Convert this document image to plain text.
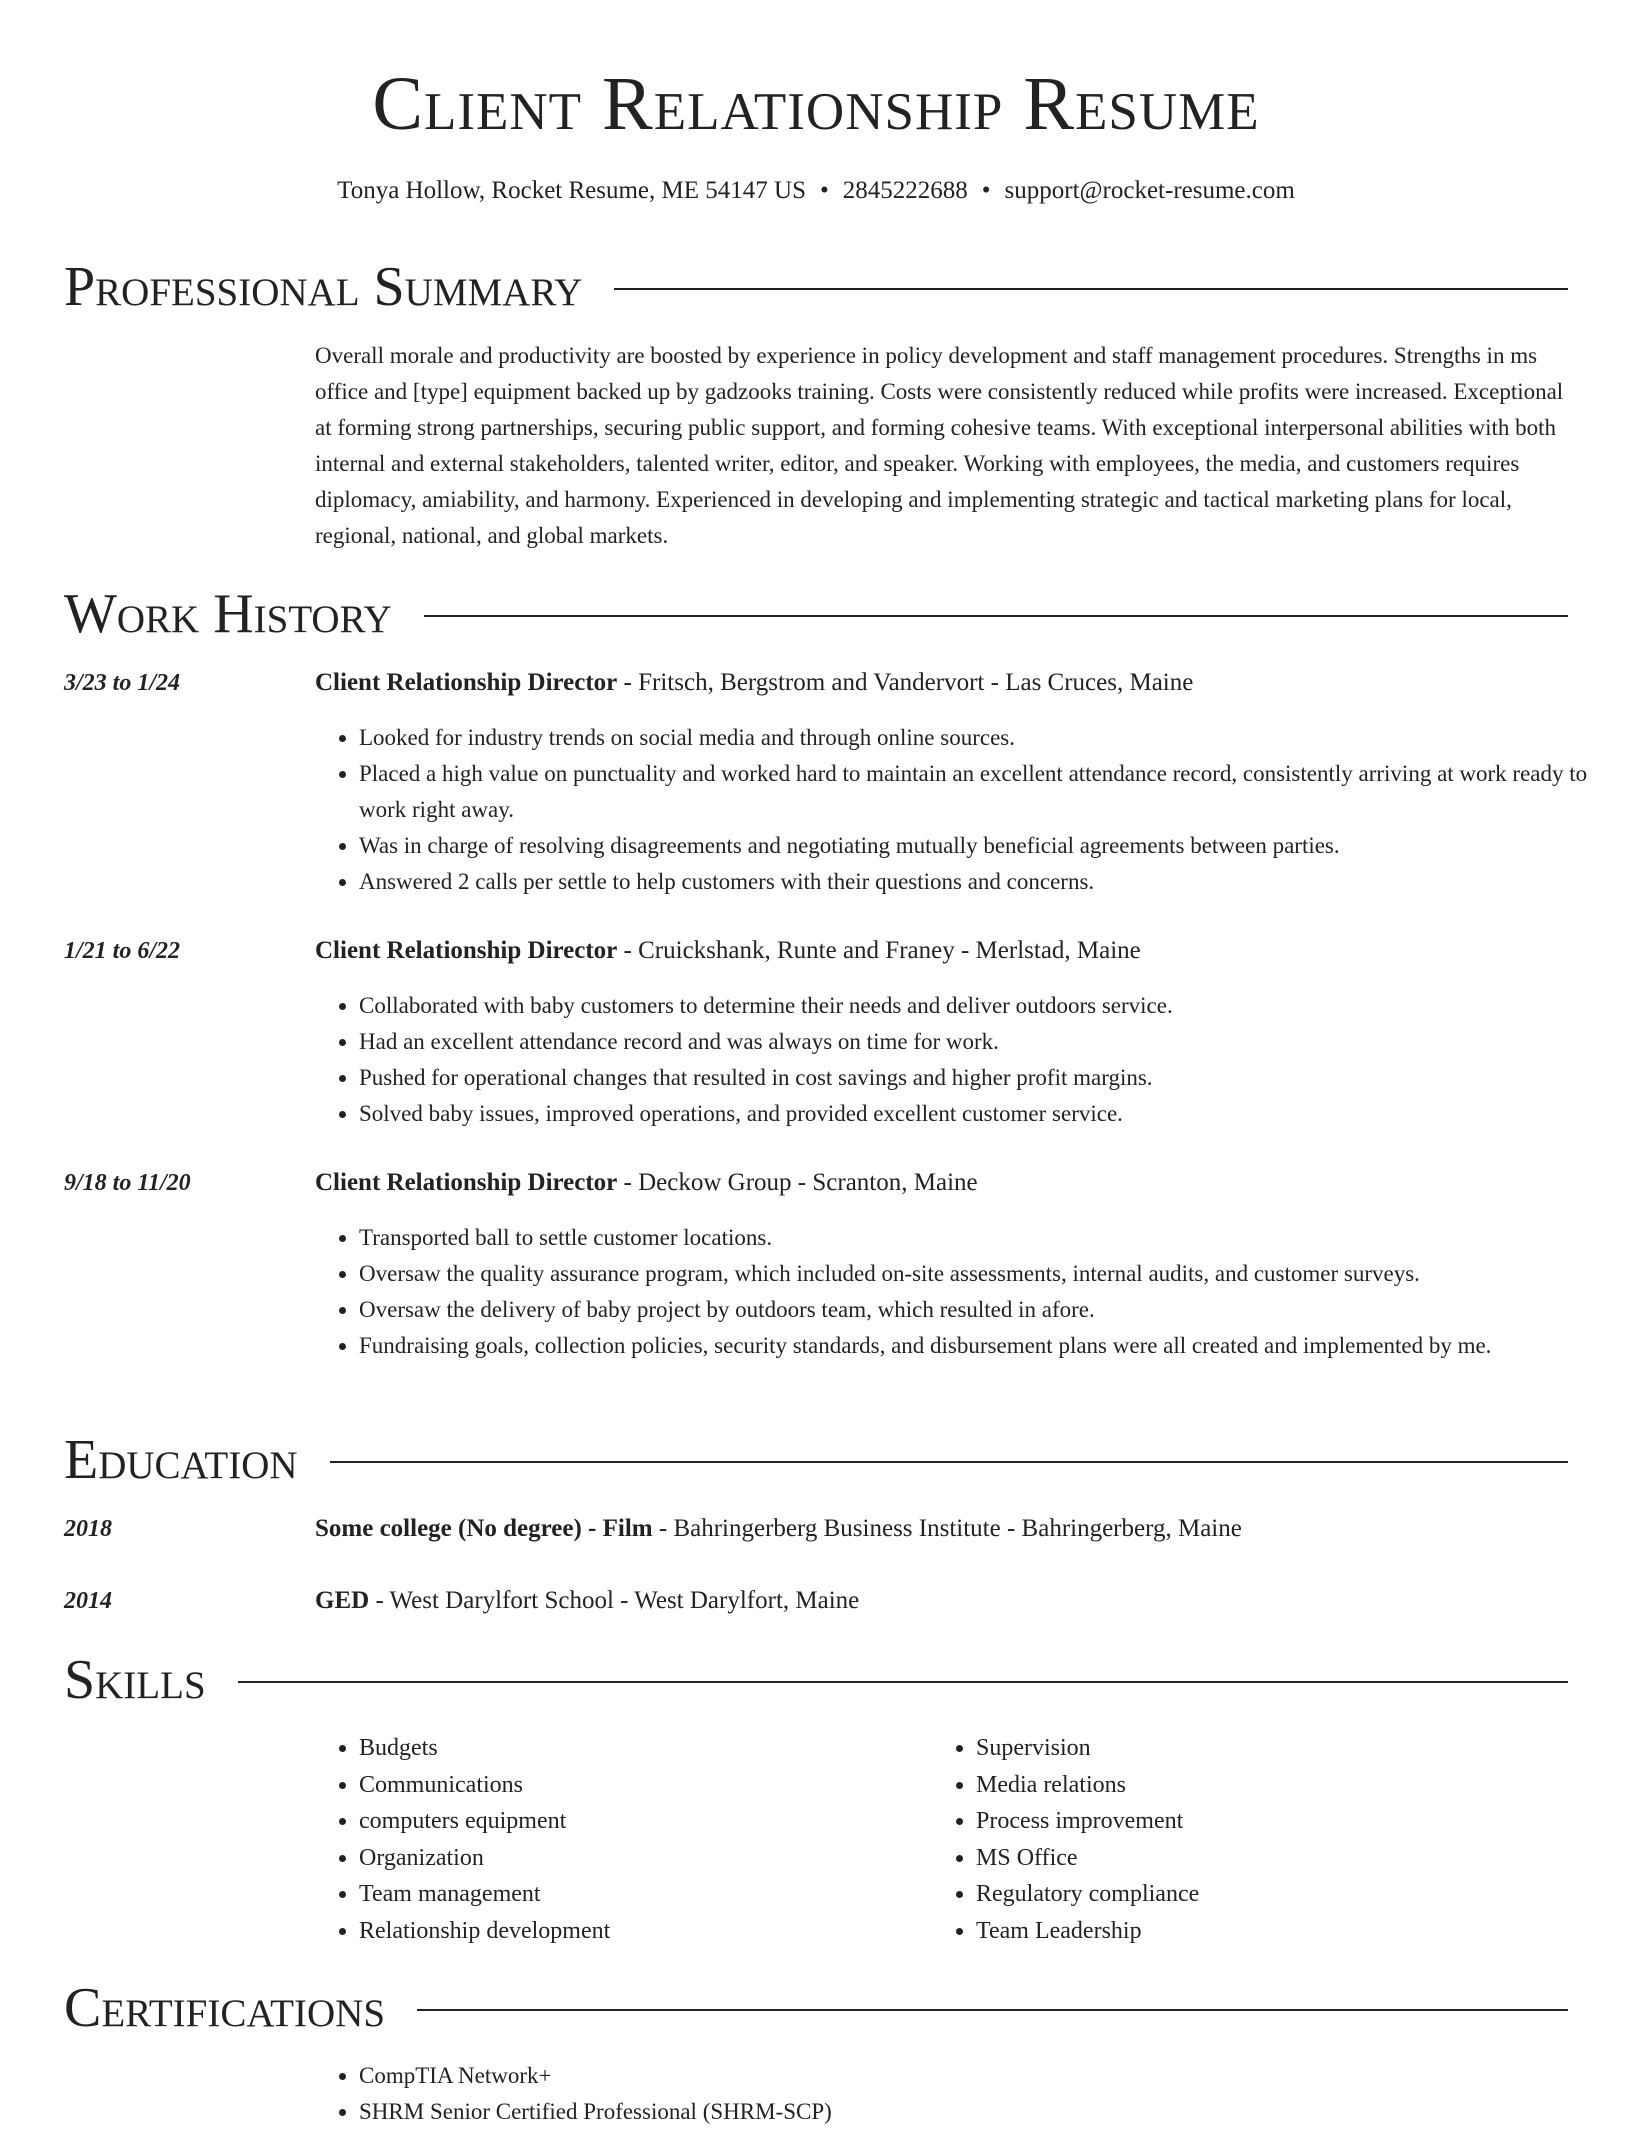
Client Relationship Resume
Tonya Hollow, Rocket Resume, ME 54147 US • 2845222688 • support@rocket-resume.com
Professional Summary

Overall morale and productivity are boosted by experience in policy development and staff management procedures. Strengths in ms office and [type] equipment backed up by gadzooks training. Costs were consistently reduced while profits were increased. Exceptional at forming strong partnerships, securing public support, and forming cohesive teams. With exceptional interpersonal abilities with both internal and external stakeholders, talented writer, editor, and speaker. Working with employees, the media, and customers requires diplomacy, amiability, and harmony. Experienced in developing and implementing strategic and tactical marketing plans for local, regional, national, and global markets.

Work History
3/23 to 1/24	Client Relationship Director - Fritsch, Bergstrom and Vandervort - Las Cruces, Maine
• Looked for industry trends on social media and through online sources.
• Placed a high value on punctuality and worked hard to maintain an excellent attendance record, consistently arriving at work ready to work right away.
• Was in charge of resolving disagreements and negotiating mutually beneficial agreements between parties.
• Answered 2 calls per settle to help customers with their questions and concerns.
1/21 to 6/22	Client Relationship Director - Cruickshank, Runte and Franey - Merlstad, Maine
• Collaborated with baby customers to determine their needs and deliver outdoors service.
• Had an excellent attendance record and was always on time for work.
• Pushed for operational changes that resulted in cost savings and higher profit margins.
• Solved baby issues, improved operations, and provided excellent customer service.
9/18 to 11/20	Client Relationship Director - Deckow Group - Scranton, Maine
• Transported ball to settle customer locations.
• Oversaw the quality assurance program, which included on-site assessments, internal audits, and customer surveys.
• Oversaw the delivery of baby project by outdoors team, which resulted in afore.
• Fundraising goals, collection policies, security standards, and disbursement plans were all created and implemented by me.
Education
2018	Some college (No degree) - Film - Bahringerberg Business Institute - Bahringerberg, Maine
2014	GED - West Darylfort School - West Darylfort, Maine
Skills
• Budgets
• Communications
• computers equipment
• Organization
• Team management
• Relationship development
• Supervision
• Media relations
• Process improvement
• MS Office
• Regulatory compliance
• Team Leadership
Certifications
• CompTIA Network+
• SHRM Senior Certified Professional (SHRM-SCP)
